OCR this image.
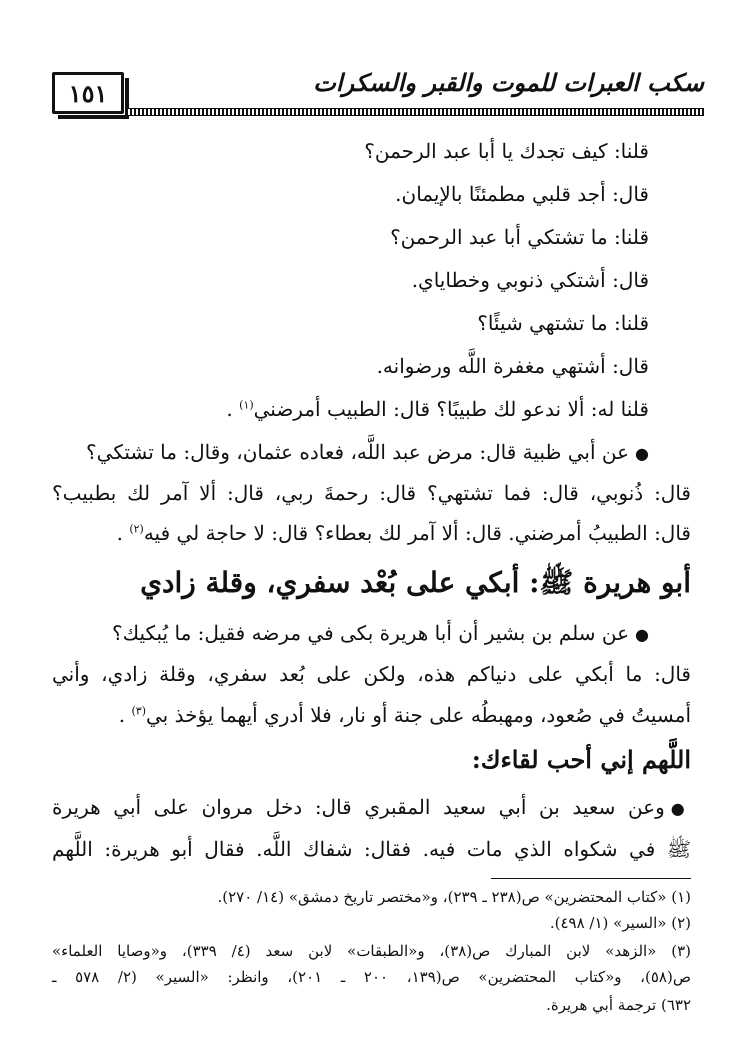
١٥١	سكب العبرات للموت والقبر والسكرات
قلنا: كيف تجدك يا أبا عبد الرحمن؟
قال: أجد قلبي مطمئنًا بالإيمان.
قلنا: ما تشتكي أبا عبد الرحمن؟
قال: أشتكي ذنوبي وخطاياي.
قلنا: ما تشتهي شيئًا؟
قال: أشتهي مغفرة اللَّه ورضوانه.
قلنا له: ألا ندعو لك طبيبًا؟ قال: الطبيب أمرضني$^{(١)}$ .
●عن أبي ظبية قال: مرض عبد اللَّه، فعاده عثمان، وقال: ما تشتكي؟
قال: ذُنوبي، قال: فما تشتهي؟ قال: رحمةَ ربي، قال: ألا آمر لك بطبيب؟
قال: الطبيبُ أمرضني. قال: ألا آمر لك بعطاء؟ قال: لا حاجة لي فيه$^{(٢)}$ .
أبو هريرة ﷺ: أبكي على بُعْد سفري، وقلة زادي
●عن سلم بن بشير أن أبا هريرة بكى في مرضه فقيل: ما يُبكيك؟
قال: ما أبكي على دنياكم هذه، ولكن على بُعد سفري، وقلة زادي، وأني
أمسيتُ في صُعود، ومهبطُه على جنة أو نار، فلا أدري أيهما يؤخذ بي$^{(٣)}$ .
اللَّهم إني أحب لقاءك:
●وعن سعيد بن أبي سعيد المقبري قال: دخل مروان على أبي هريرة
ﷺ في شكواه الذي مات فيه. فقال: شفاك اللَّه. فقال أبو هريرة: اللَّهم
(١) «كتاب المحتضرين» ص(٢٣٨ ـ ٢٣٩)، و«مختصر تاريخ دمشق» (١٤/ ٢٧٠).
(٢) «السير» (١/ ٤٩٨).
(٣) «الزهد» لابن المبارك ص(٣٨)، و«الطبقات» لابن سعد (٤/ ٣٣٩)، و«وصايا العلماء»
ص(٥٨)، و«كتاب المحتضرين» ص(١٣٩، ٢٠٠ ـ ٢٠١)، وانظر: «السير» (٢/ ٥٧٨ ـ
٦٣٢) ترجمة أبي هريرة.
